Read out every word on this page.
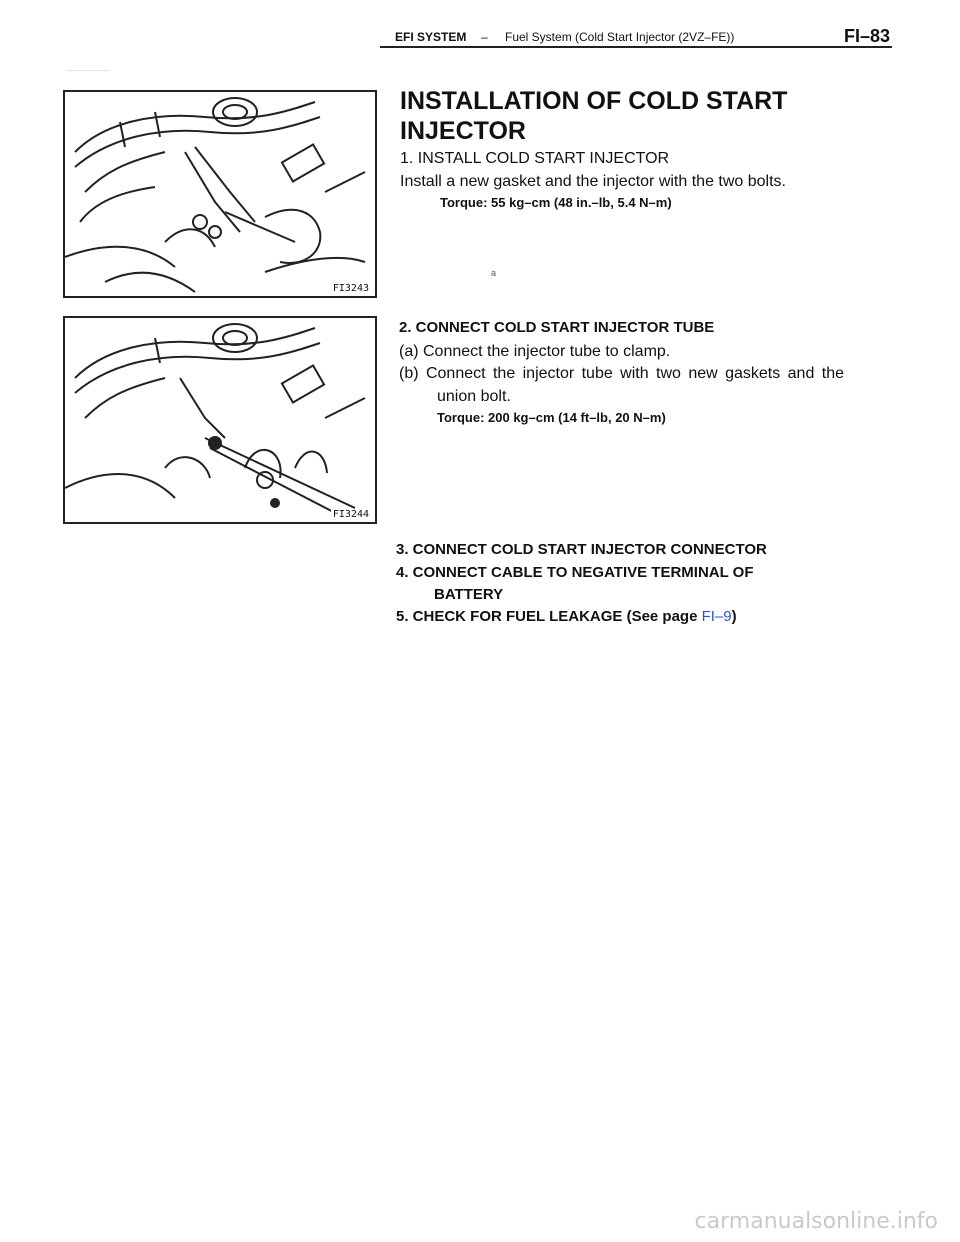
EFI SYSTEM – Fuel System (Cold Start Injector (2VZ–FE))	FI–83
FI3243
FI3244
INSTALLATION OF COLD START INJECTOR
1. INSTALL COLD START INJECTOR
Install a new gasket and the injector with the two bolts.
Torque: 55 kg–cm (48 in.–lb, 5.4 N–m)
a
2. CONNECT COLD START INJECTOR TUBE
(a) Connect the injector tube to clamp.
(b) Connect the injector tube with two new gaskets and the
union bolt.
Torque: 200 kg–cm (14 ft–lb, 20 N–m)
3. CONNECT COLD START INJECTOR CONNECTOR
4. CONNECT CABLE TO NEGATIVE TERMINAL OF
BATTERY
5. CHECK FOR FUEL LEAKAGE (See page FI–9)
carmanualsonline.info
